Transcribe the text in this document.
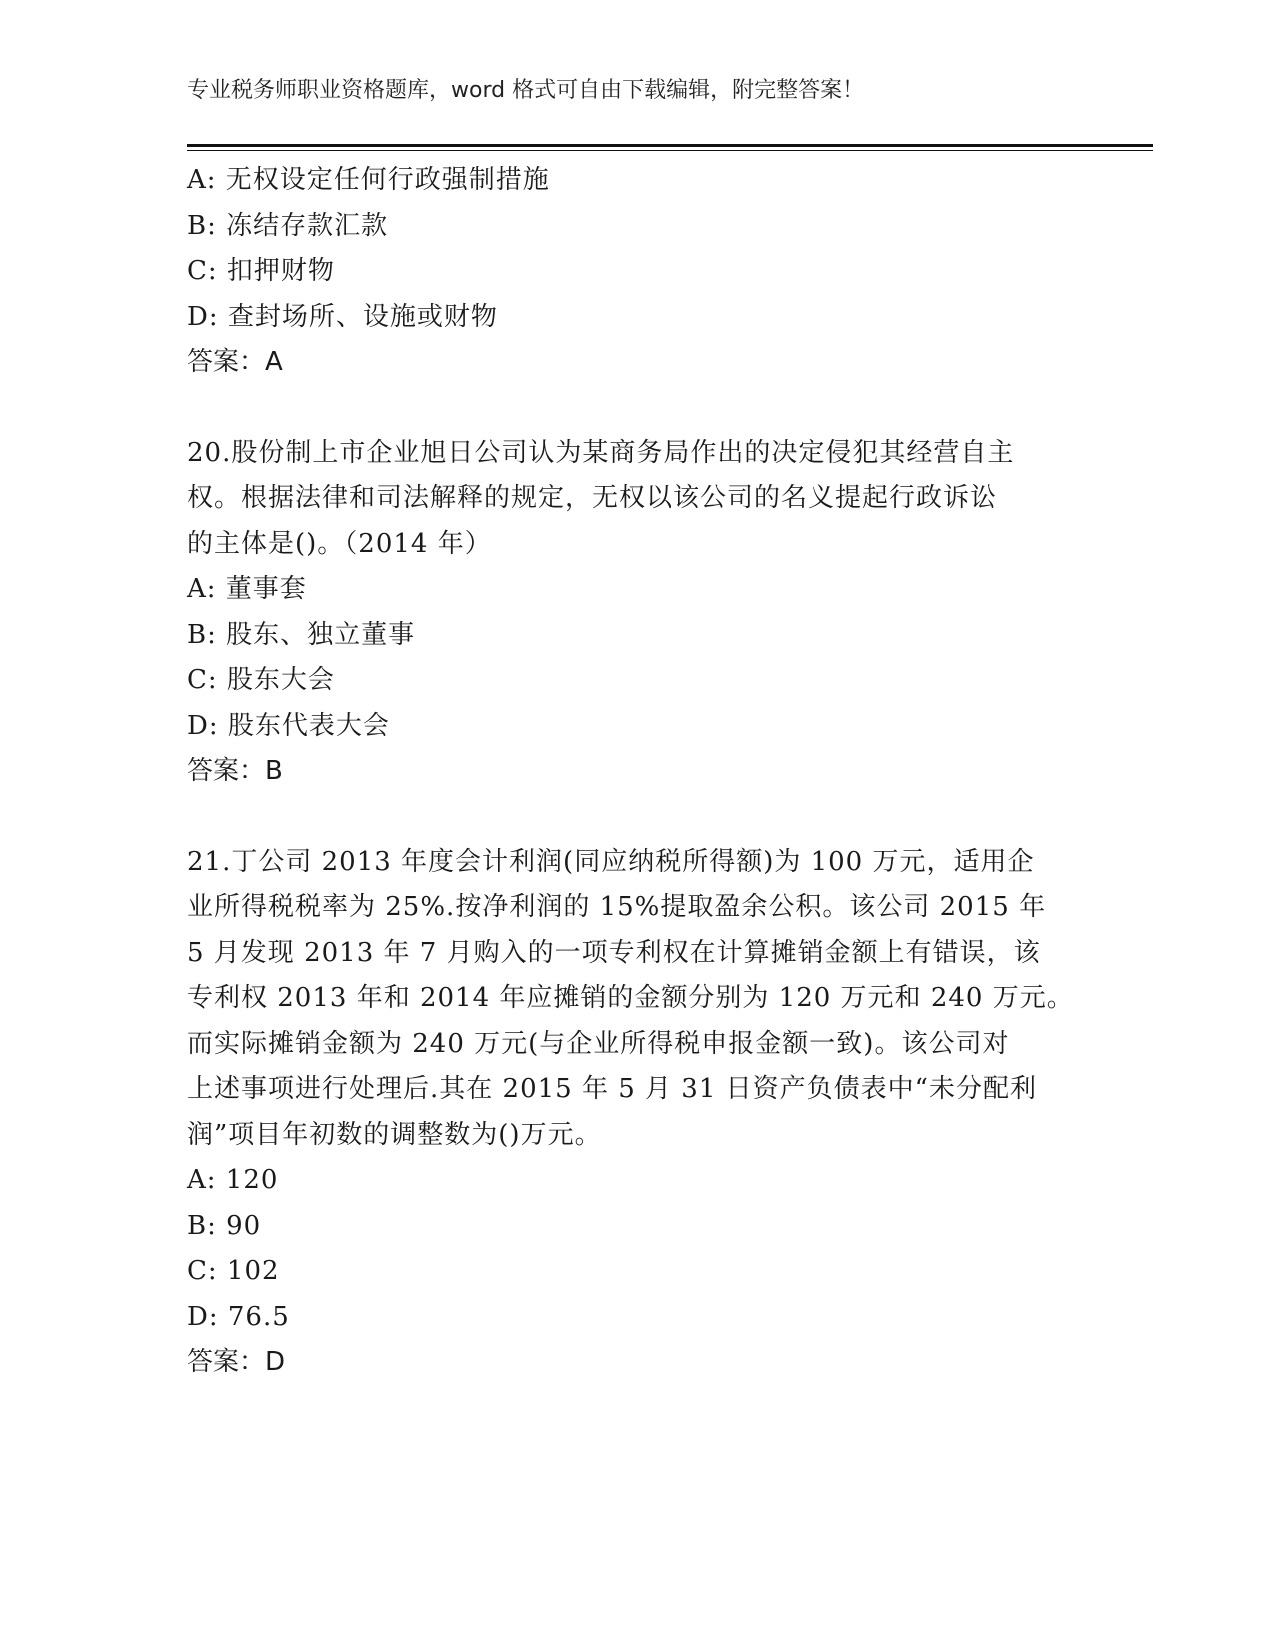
专业税务师职业资格题库，word 格式可自由下载编辑，附完整答案！
A: 无权设定任何行政强制措施
B: 冻结存款汇款
C: 扣押财物
D: 查封场所、设施或财物
答案：A
20.股份制上市企业旭日公司认为某商务局作出的决定侵犯其经营自主
权。根据法律和司法解释的规定，无权以该公司的名义提起行政诉讼
的主体是()。（2014 年）
A: 董事套
B: 股东、独立董事
C: 股东大会
D: 股东代表大会
答案：B
21.丁公司 2013 年度会计利润(同应纳税所得额)为 100 万元，适用企
业所得税税率为 25%.按净利润的 15%提取盈余公积。该公司 2015 年
5 月发现 2013 年 7 月购入的一项专利权在计算摊销金额上有错误，该
专利权 2013 年和 2014 年应摊销的金额分别为 120 万元和 240 万元。
而实际摊销金额为 240 万元(与企业所得税申报金额一致)。该公司对
上述事项进行处理后.其在 2015 年 5 月 31 日资产负债表中“未分配利
润”项目年初数的调整数为()万元。
A: 120
B: 90
C: 102
D: 76.5
答案：D
